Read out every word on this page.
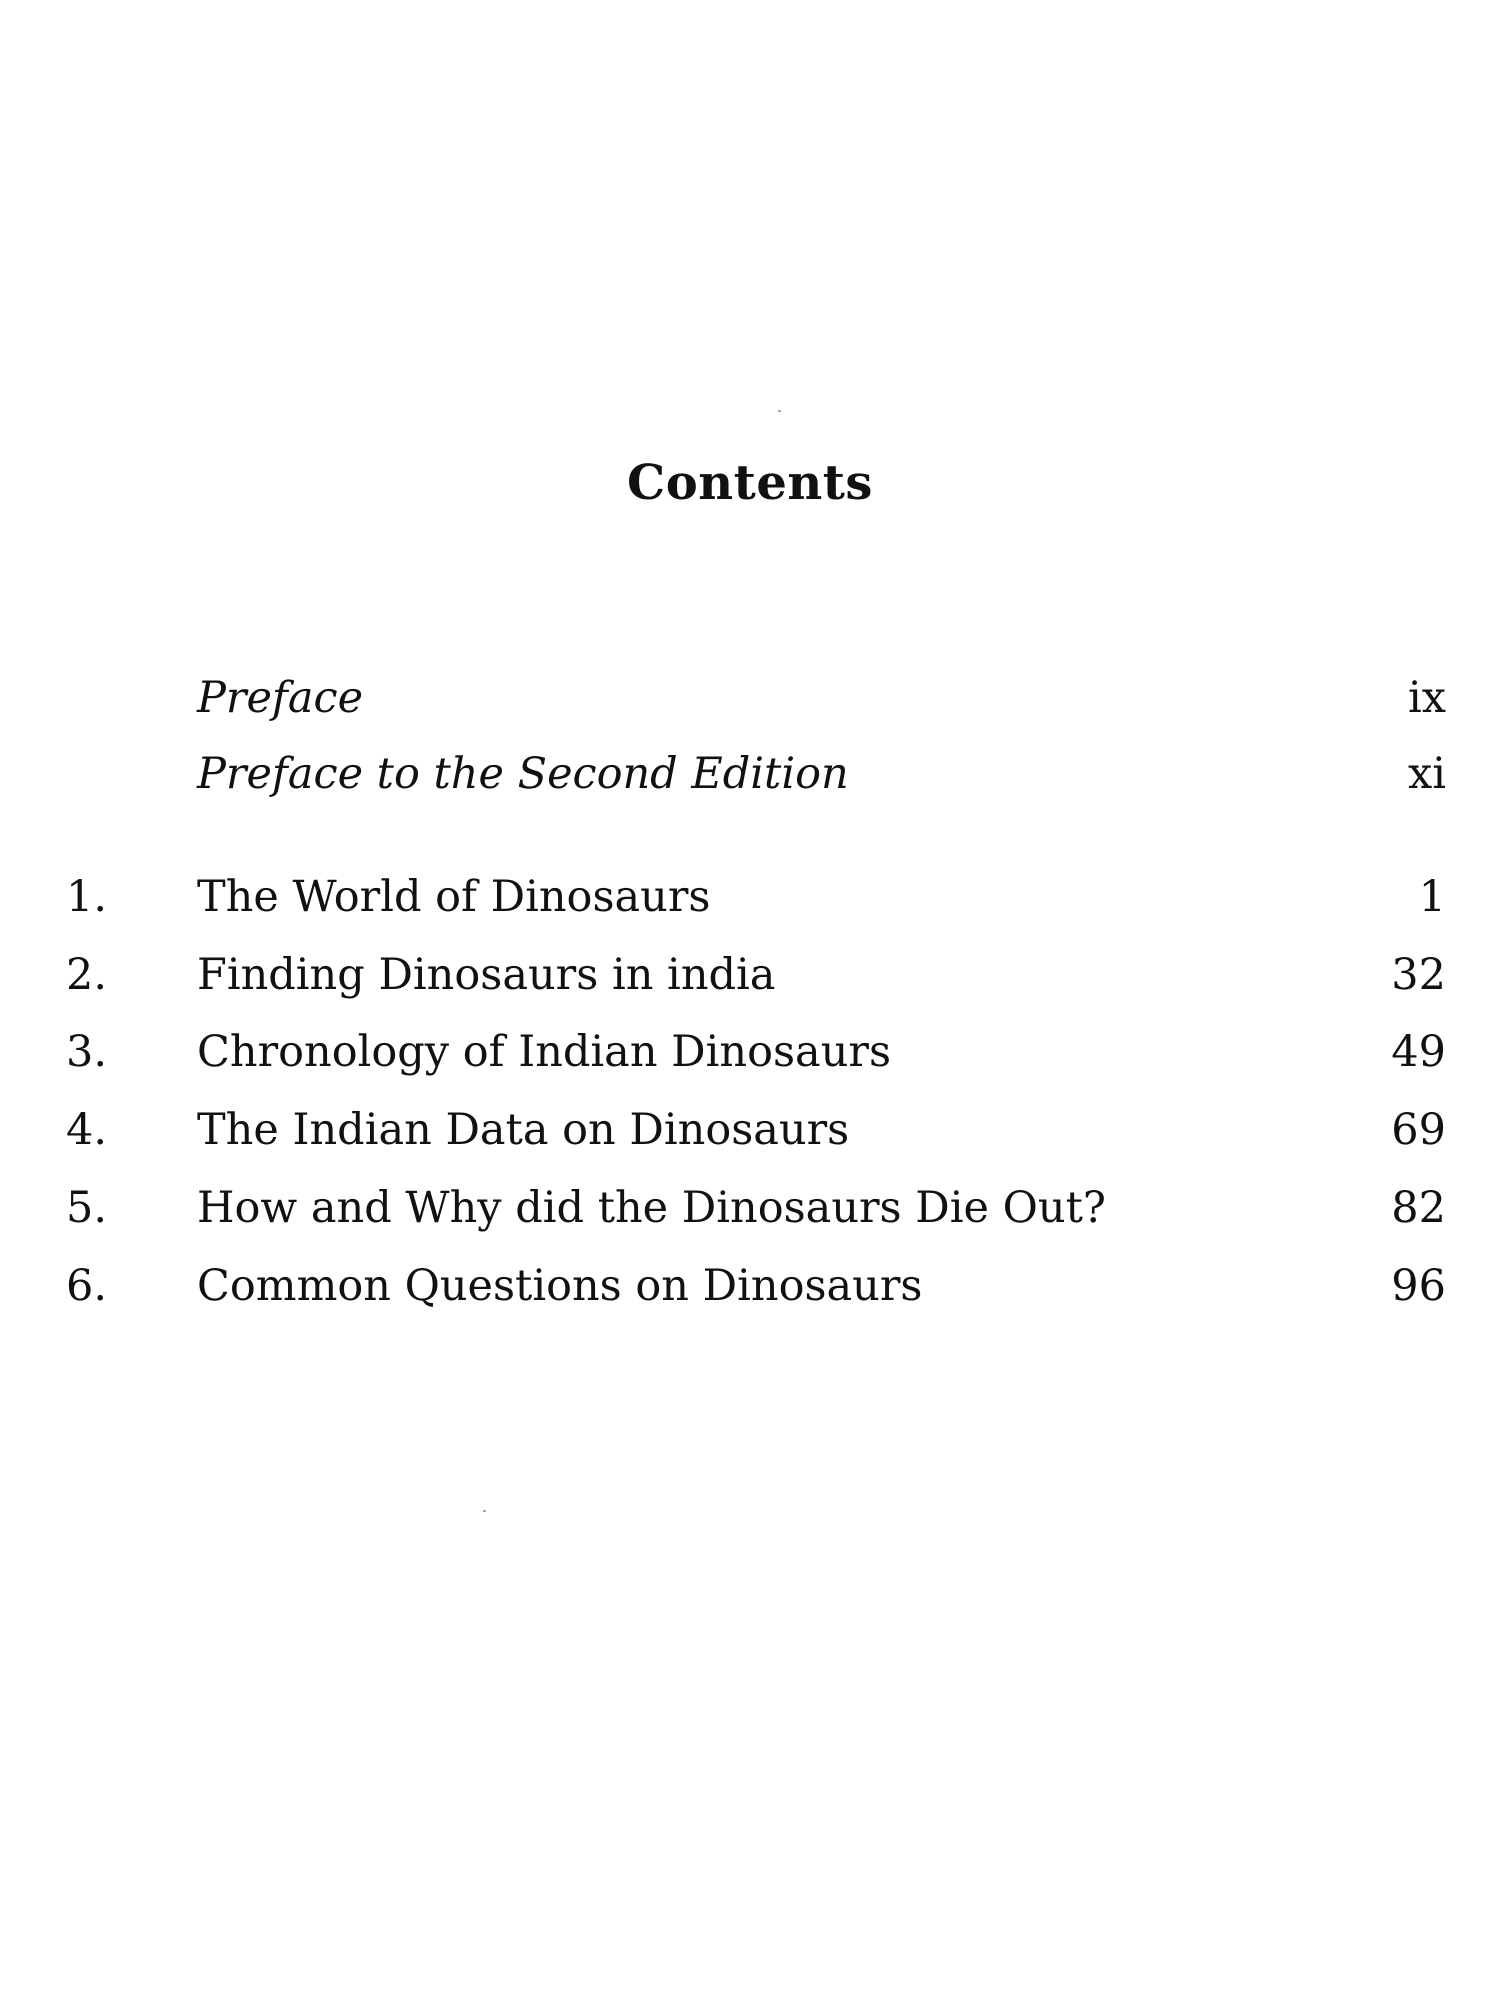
Contents
Preface	ix
Preface to the Second Edition	xi
1.	The World of Dinosaurs	1
2.	Finding Dinosaurs in india	32
3.	Chronology of Indian Dinosaurs	49
4.	The Indian Data on Dinosaurs	69
5.	How and Why did the Dinosaurs Die Out?	82
6.	Common Questions on Dinosaurs	96
